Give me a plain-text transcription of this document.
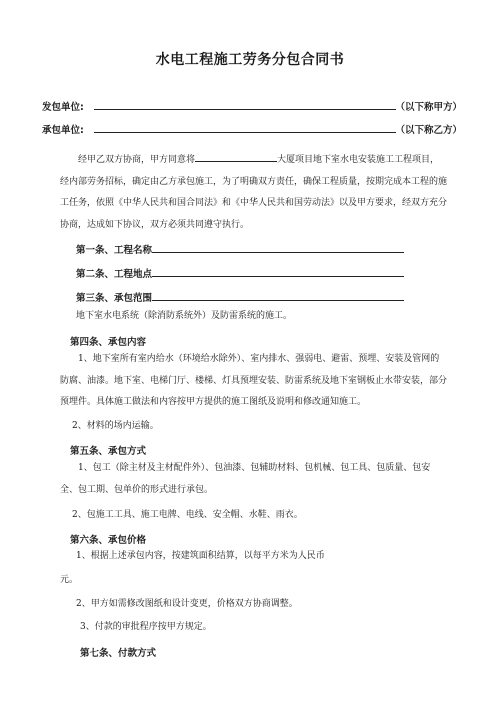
水电工程施工劳务分包合同书
发包单位:	（以下称甲方）
承包单位:	（以下称乙方）
经甲乙双方协商，甲方同意将	大厦项目地下室水电安装施工工程项目，经内部劳务招标，确定由乙方承包施工，为了明确双方责任，确保工程质量，按期完成本工程的施工任务，依照《中华人民共和国合同法》和《中华人民共和国劳动法》以及甲方要求，经双方充分协商，达成如下协议，双方必须共同遵守执行。
第一条、工程名称
第二条、工程地点
第三条、承包范围
地下室水电系统（除消防系统外）及防雷系统的施工。
第四条、承包内容
1、地下室所有室内给水（环境给水除外）、室内排水、强弱电、避雷、预埋、安装及管网的防腐、油漆。地下室、电梯门厅、楼梯、灯具预埋安装、防雷系统及地下室钢板止水带安装，部分预埋件。具体施工做法和内容按甲方提供的施工图纸及说明和修改通知施工。
2、材料的场内运输。
第五条、承包方式
1、包工（除主材及主材配件外）、包油漆、包辅助材料、包机械、包工具、包质量、包安全、包工期、包单价的形式进行承包。
2、包施工工具、施工电牌、电线、安全帽、水鞋、雨衣。
第六条、承包价格
1、根据上述承包内容，按建筑面积结算，以每平方米为人民币
元。
2、甲方如需修改图纸和设计变更，价格双方协商调整。
3、付款的审批程序按甲方规定。
第七条、付款方式
